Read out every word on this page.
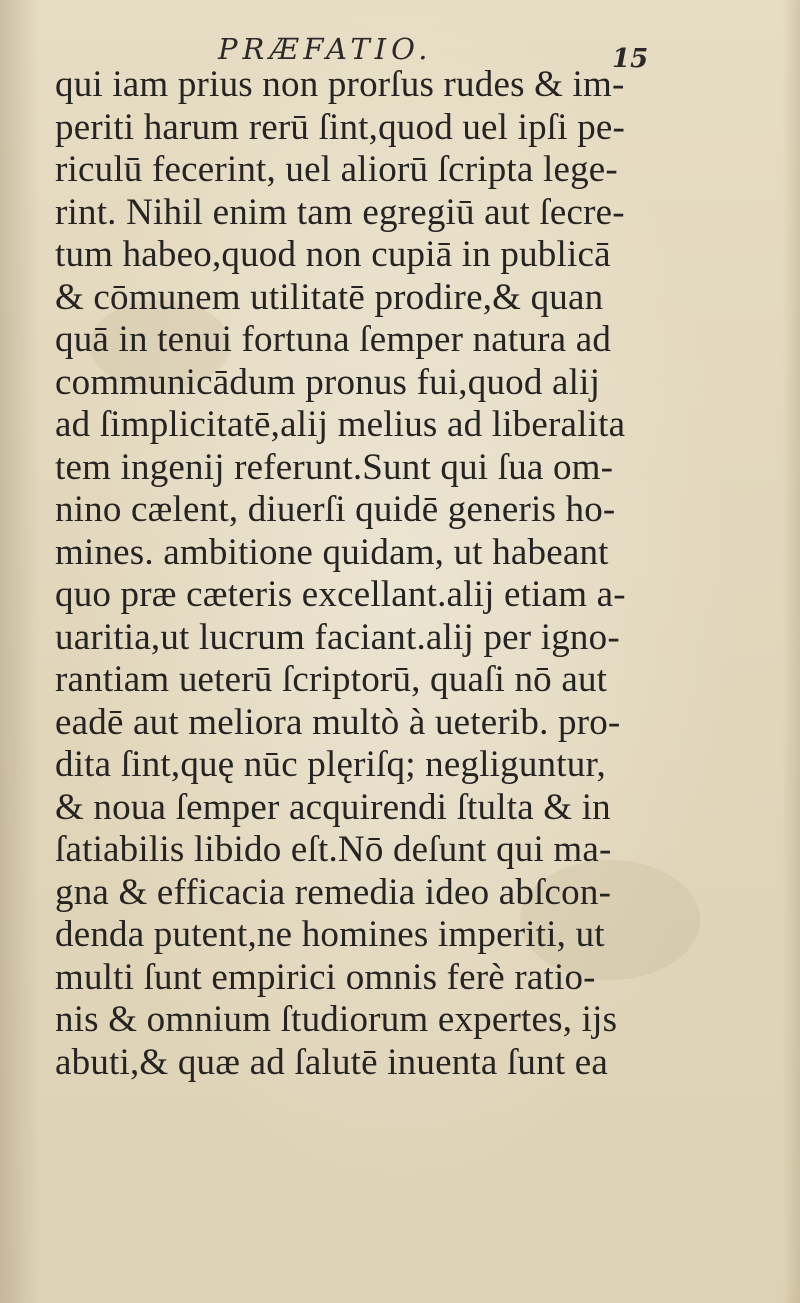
PRÆFATIO.	15
qui iam prius non prorſus rudes & im-
periti harum rerū ſint,quod uel ipſi pe-
riculū fecerint, uel aliorū ſcripta lege-
rint. Nihil enim tam egregiū aut ſecre-
tum habeo,quod non cupiā in publicā
& cōmunem utilitatē prodire,& quan
quā in tenui fortuna ſemper natura ad
communicādum pronus fui,quod alij
ad ſimplicitatē,alij melius ad liberalita
tem ingenij referunt.Sunt qui ſua om-
nino cælent, diuerſi quidē generis ho-
mines. ambitione quidam, ut habeant
quo præ cæteris excellant.alij etiam a-
uaritia,ut lucrum faciant.alij per igno-
rantiam ueterū ſcriptorū, quaſi nō aut
eadē aut meliora multò à ueterib. pro-
dita ſint,quę nūc plęriſq; negliguntur,
& noua ſemper acquirendi ſtulta & in
ſatiabilis libido eſt.Nō deſunt qui ma-
gna & efficacia remedia ideo abſcon-
denda putent,ne homines imperiti, ut
multi ſunt empirici omnis ferè ratio-
nis & omnium ſtudiorum expertes, ijs
abuti,& quæ ad ſalutē inuenta ſunt ea
